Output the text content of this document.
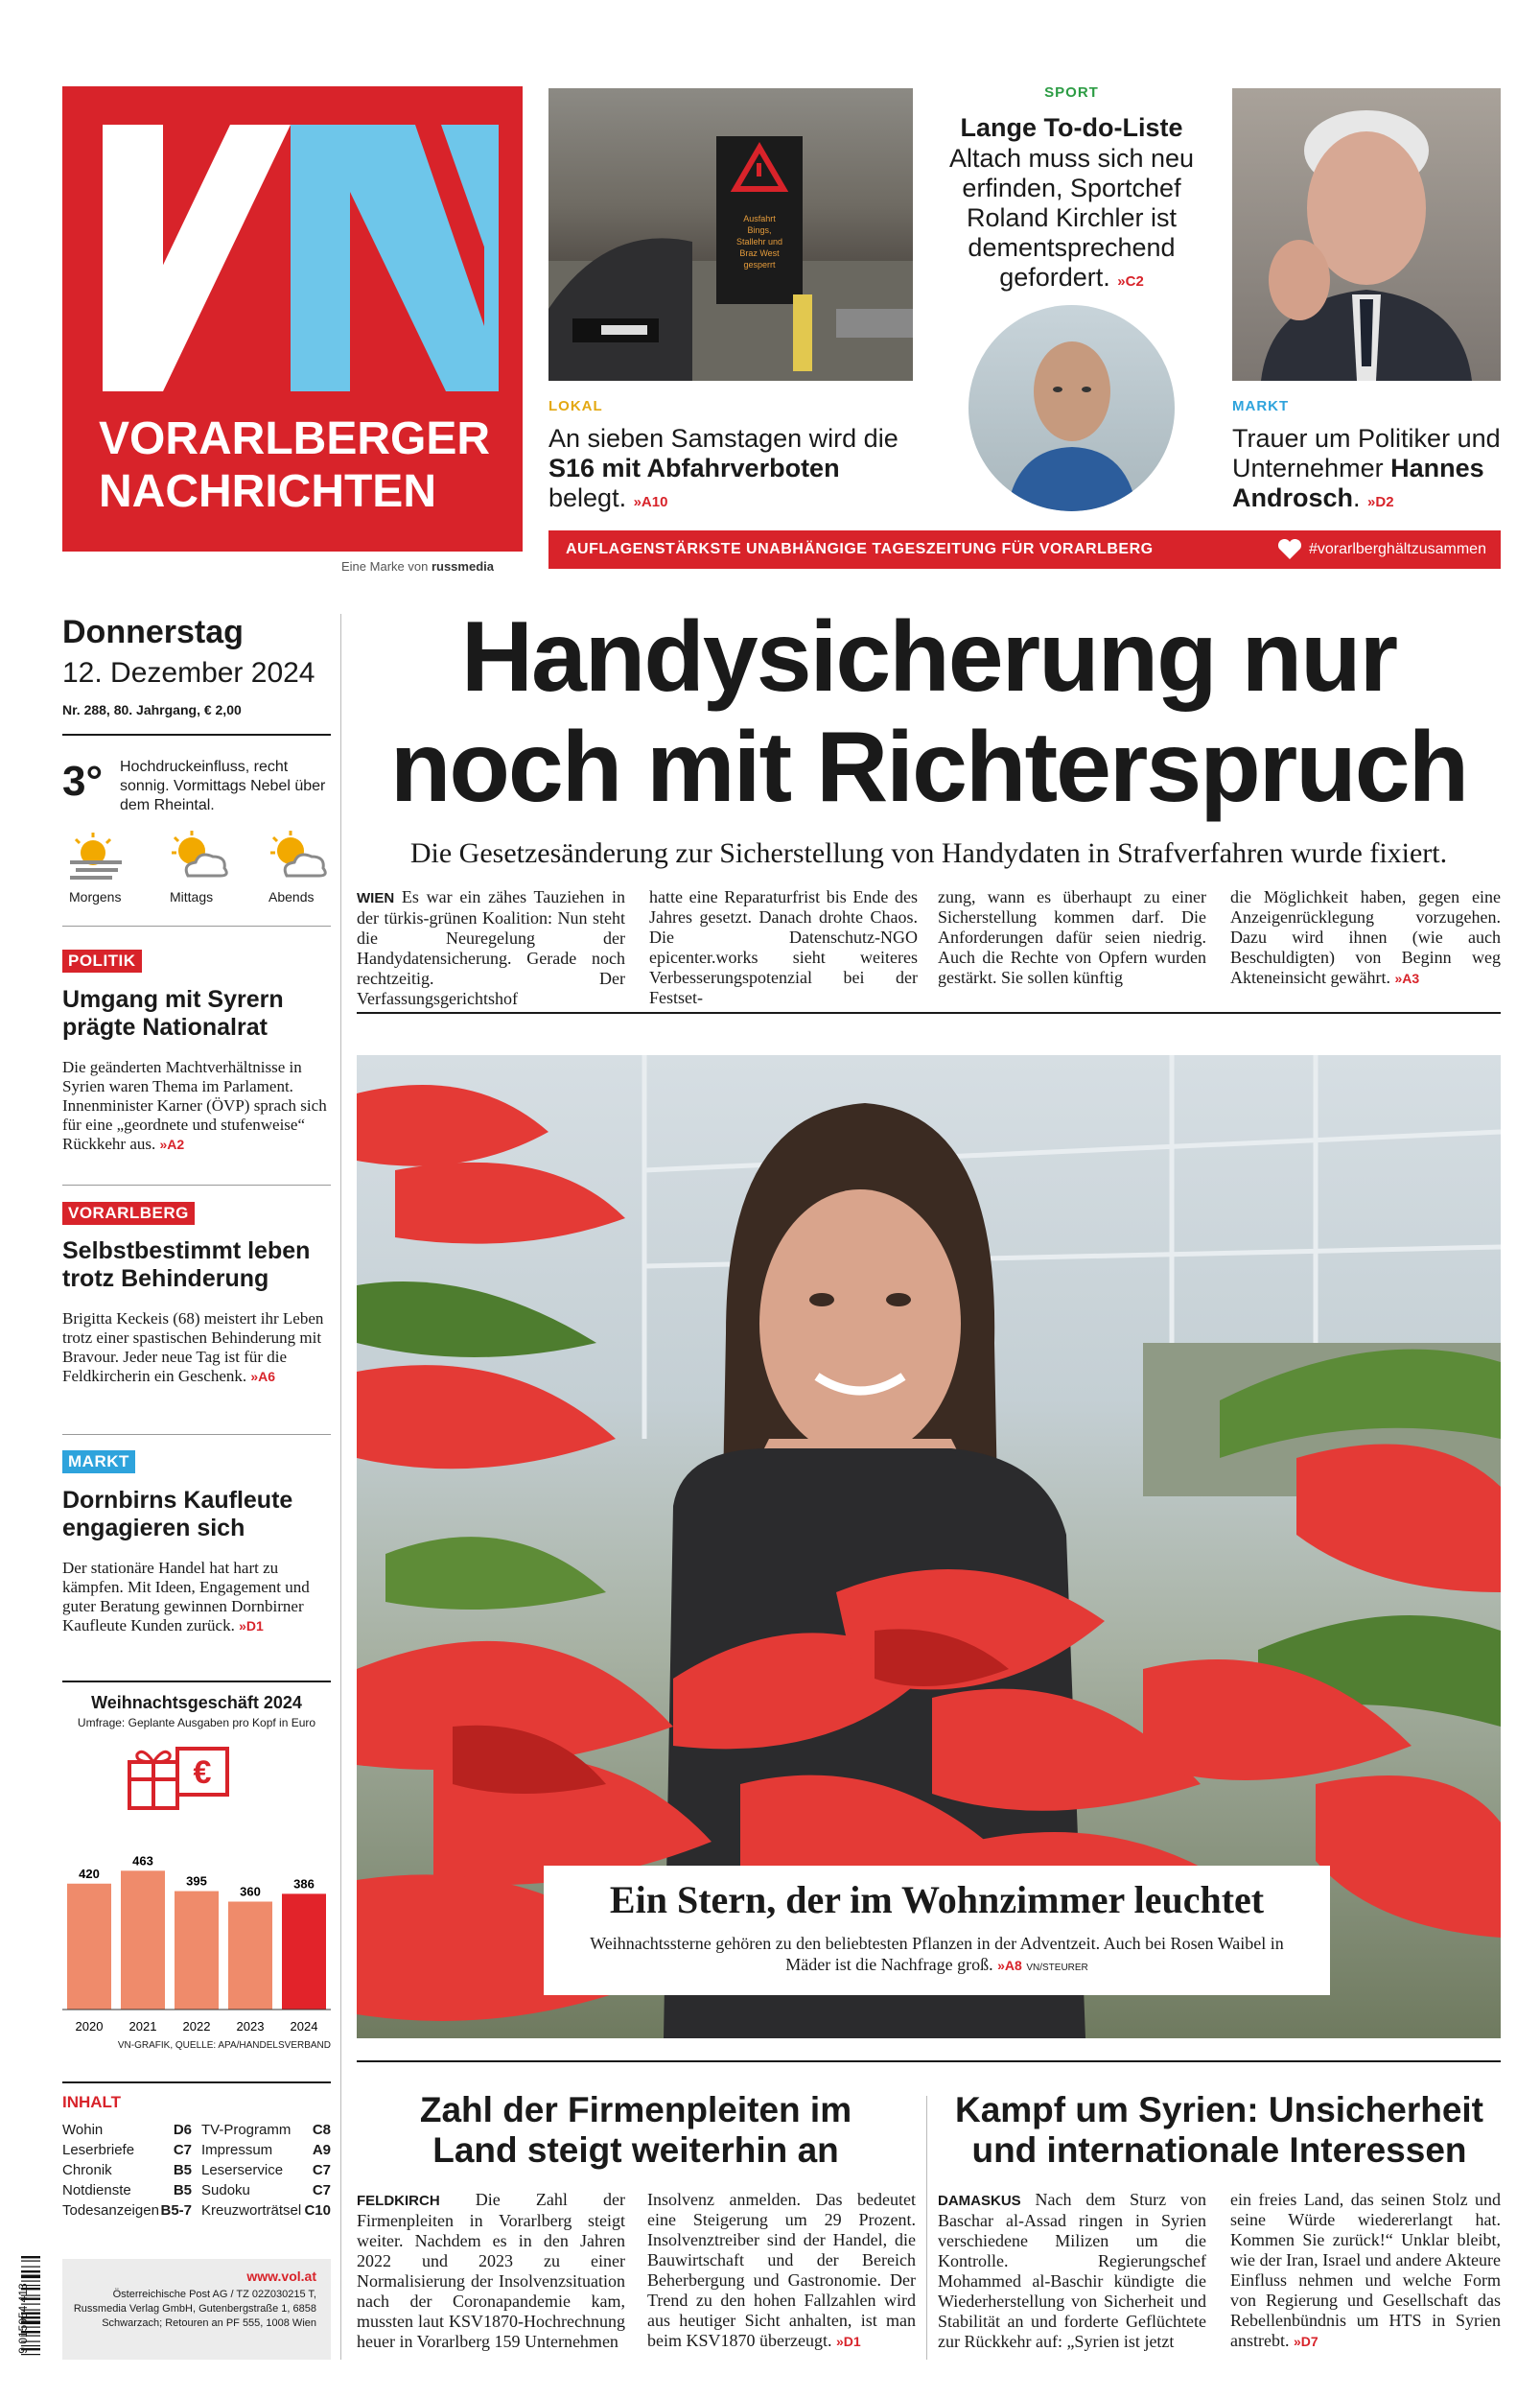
VORARLBERGER
NACHRICHTEN
Eine Marke von russmedia
Ausfahrt
Bings,
Stallehr und
Braz West
gesperrt
LOKAL
An sieben Samstagen wird die S16 mit Abfahrverboten belegt. »A10
SPORT
Lange To-do-Liste
Altach muss sich neu erfinden, Sportchef Roland Kirchler ist dementsprechend gefordert. »C2
MARKT
Trauer um Politiker und Unternehmer Hannes Androsch. »D2
AUFLAGENSTÄRKSTE UNABHÄNGIGE TAGESZEITUNG FÜR VORARLBERG	#vorarlberghältzusammen
Donnerstag
12. Dezember 2024
Nr. 288, 80. Jahrgang, € 2,00
3° Hochdruckeinfluss, recht sonnig. Vormittags Nebel über dem Rheintal.
Morgens	Mittags	Abends
POLITIK
Umgang mit Syrern prägte Nationalrat
Die geänderten Machtverhältnisse in Syrien waren Thema im Parlament. Innenminister Karner (ÖVP) sprach sich für eine „geordnete und stufenweise“ Rückkehr aus. »A2
VORARLBERG
Selbstbestimmt leben trotz Behinderung
Brigitta Keckeis (68) meistert ihr Leben trotz einer spastischen Behinderung mit Bravour. Jeder neue Tag ist für die Feldkircherin ein Geschenk. »A6
MARKT
Dornbirns Kaufleute engagieren sich
Der stationäre Handel hat hart zu kämpfen. Mit Ideen, Engagement und guter Beratung gewinnen Dornbirner Kaufleute Kunden zurück. »D1
Weihnachtsgeschäft 2024
Umfrage: Geplante Ausgaben pro Kopf in Euro
€
420
2020
463
2021
395
2022
360
2023
386
2024
VN-GRAFIK, QUELLE: APA/HANDELSVERBAND
INHALT
Wohin	D6
Leserbriefe	C7
Chronik	B5
Notdienste	B5
Todesanzeigen B5-7
TV-Programm C8
Impressum	A9
Leserservice C7
Sudoku	C7
Kreuzworträtsel C10
9 015954 413
www.vol.at
Österreichische Post AG / TZ 02Z030215 T, Russmedia Verlag GmbH, Gutenbergstraße 1, 6858 Schwarzach; Retouren an PF 555, 1008 Wien
Handysicherung nur
noch mit Richterspruch
Die Gesetzesänderung zur Sicherstellung von Handydaten in Strafverfahren wurde fixiert.
WIEN Es war ein zähes Tauziehen in der türkis-grünen Koalition: Nun steht die Neuregelung der Handydatensicherung. Gerade noch rechtzeitig. Der Verfassungsgerichtshof
hatte eine Reparaturfrist bis Ende des Jahres gesetzt. Danach drohte Chaos. Die Datenschutz-NGO epicenter.works sieht weiteres Verbesserungspotenzial bei der Festset-
zung, wann es überhaupt zu einer Sicherstellung kommen darf. Die Anforderungen dafür seien niedrig. Auch die Rechte von Opfern wurden gestärkt. Sie sollen künftig
die Möglichkeit haben, gegen eine Anzeigenrücklegung vorzugehen. Dazu wird ihnen (wie auch Beschuldigten) von Beginn weg Akteneinsicht gewährt. »A3
Ein Stern, der im Wohnzimmer leuchtet
Weihnachtssterne gehören zu den beliebtesten Pflanzen in der Adventzeit. Auch bei Rosen Waibel in Mäder ist die Nachfrage groß. »A8 VN/STEURER
Zahl der Firmenpleiten im
Land steigt weiterhin an
FELDKIRCH Die Zahl der Firmenpleiten in Vorarlberg steigt weiter. Nachdem es in den Jahren 2022 und 2023 zu einer Normalisierung der Insolvenzsituation nach der Coronapandemie kam, mussten laut KSV1870-Hochrechnung heuer in Vorarlberg 159 Unternehmen
Insolvenz anmelden. Das bedeutet eine Steigerung um 29 Prozent. Insolvenztreiber sind der Handel, die Bauwirtschaft und der Bereich Beherbergung und Gastronomie. Der Trend zu den hohen Fallzahlen wird aus heutiger Sicht anhalten, ist man beim KSV1870 überzeugt. »D1
Kampf um Syrien: Unsicherheit
und internationale Interessen
DAMASKUS Nach dem Sturz von Baschar al-Assad ringen in Syrien verschiedene Milizen um die Kontrolle. Regierungschef Mohammed al-Baschir kündigte die Wiederherstellung von Sicherheit und Stabilität an und forderte Geflüchtete zur Rückkehr auf: „Syrien ist jetzt
ein freies Land, das seinen Stolz und seine Würde wiedererlangt hat. Kommen Sie zurück!“ Unklar bleibt, wie der Iran, Israel und andere Akteure Einfluss nehmen und welche Form von Regierung und Gesellschaft das Rebellenbündnis um HTS in Syrien anstrebt. »D7
